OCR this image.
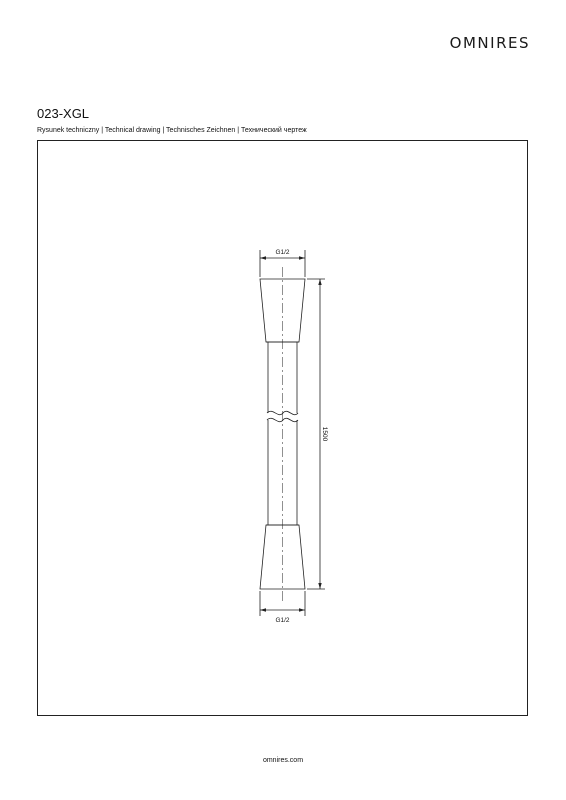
OMNIRES
023-XGL
Rysunek techniczny | Technical drawing | Technisches Zeichnen | Технический чертеж
G1/2
G1/2
1500
omnires.com
